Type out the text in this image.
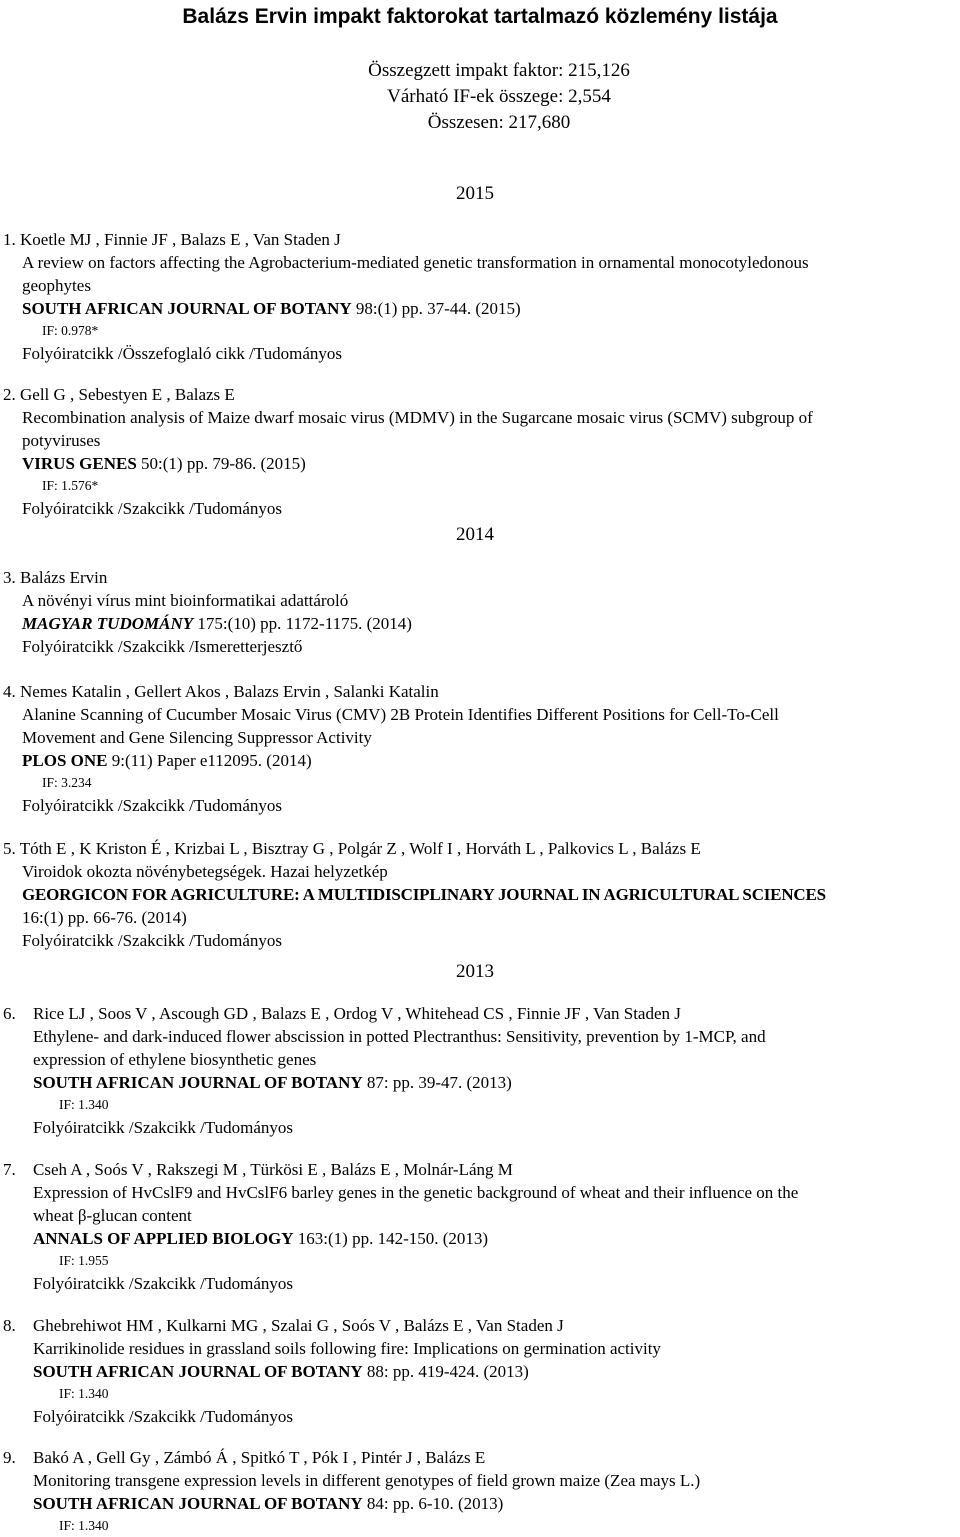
Balázs Ervin impakt faktorokat tartalmazó közlemény listája
Összegzett impakt faktor: 215,126
Várható IF-ek összege: 2,554
Összesen: 217,680
2015
1. Koetle MJ , Finnie JF , Balazs E , Van Staden J
A review on factors affecting the Agrobacterium-mediated genetic transformation in ornamental monocotyledonous
geophytes
SOUTH AFRICAN JOURNAL OF BOTANY 98:(1) pp. 37-44. (2015)
IF: 0.978*
Folyóiratcikk /Összefoglaló cikk /Tudományos
2. Gell G , Sebestyen E , Balazs E
Recombination analysis of Maize dwarf mosaic virus (MDMV) in the Sugarcane mosaic virus (SCMV) subgroup of
potyviruses
VIRUS GENES 50:(1) pp. 79-86. (2015)
IF: 1.576*
Folyóiratcikk /Szakcikk /Tudományos
2014
3. Balázs Ervin
A növényi vírus mint bioinformatikai adattároló
MAGYAR TUDOMÁNY 175:(10) pp. 1172-1175. (2014)
Folyóiratcikk /Szakcikk /Ismeretterjesztő
4. Nemes Katalin , Gellert Akos , Balazs Ervin , Salanki Katalin
Alanine Scanning of Cucumber Mosaic Virus (CMV) 2B Protein Identifies Different Positions for Cell-To-Cell
Movement and Gene Silencing Suppressor Activity
PLOS ONE 9:(11) Paper e112095. (2014)
IF: 3.234
Folyóiratcikk /Szakcikk /Tudományos
5. Tóth E , K Kriston É , Krizbai L , Bisztray G , Polgár Z , Wolf I , Horváth L , Palkovics L , Balázs E
Viroidok okozta növénybetegségek. Hazai helyzetkép
GEORGICON FOR AGRICULTURE: A MULTIDISCIPLINARY JOURNAL IN AGRICULTURAL SCIENCES
16:(1) pp. 66-76. (2014)
Folyóiratcikk /Szakcikk /Tudományos
2013
6. Rice LJ , Soos V , Ascough GD , Balazs E , Ordog V , Whitehead CS , Finnie JF , Van Staden J
Ethylene- and dark-induced flower abscission in potted Plectranthus: Sensitivity, prevention by 1-MCP, and
expression of ethylene biosynthetic genes
SOUTH AFRICAN JOURNAL OF BOTANY 87: pp. 39-47. (2013)
IF: 1.340
Folyóiratcikk /Szakcikk /Tudományos
7. Cseh A , Soós V , Rakszegi M , Türkösi E , Balázs E , Molnár-Láng M
Expression of HvCslF9 and HvCslF6 barley genes in the genetic background of wheat and their influence on the
wheat β-glucan content
ANNALS OF APPLIED BIOLOGY 163:(1) pp. 142-150. (2013)
IF: 1.955
Folyóiratcikk /Szakcikk /Tudományos
8. Ghebrehiwot HM , Kulkarni MG , Szalai G , Soós V , Balázs E , Van Staden J
Karrikinolide residues in grassland soils following fire: Implications on germination activity
SOUTH AFRICAN JOURNAL OF BOTANY 88: pp. 419-424. (2013)
IF: 1.340
Folyóiratcikk /Szakcikk /Tudományos
9. Bakó A , Gell Gy , Zámbó Á , Spitkó T , Pók I , Pintér J , Balázs E
Monitoring transgene expression levels in different genotypes of field grown maize (Zea mays L.)
SOUTH AFRICAN JOURNAL OF BOTANY 84: pp. 6-10. (2013)
IF: 1.340
